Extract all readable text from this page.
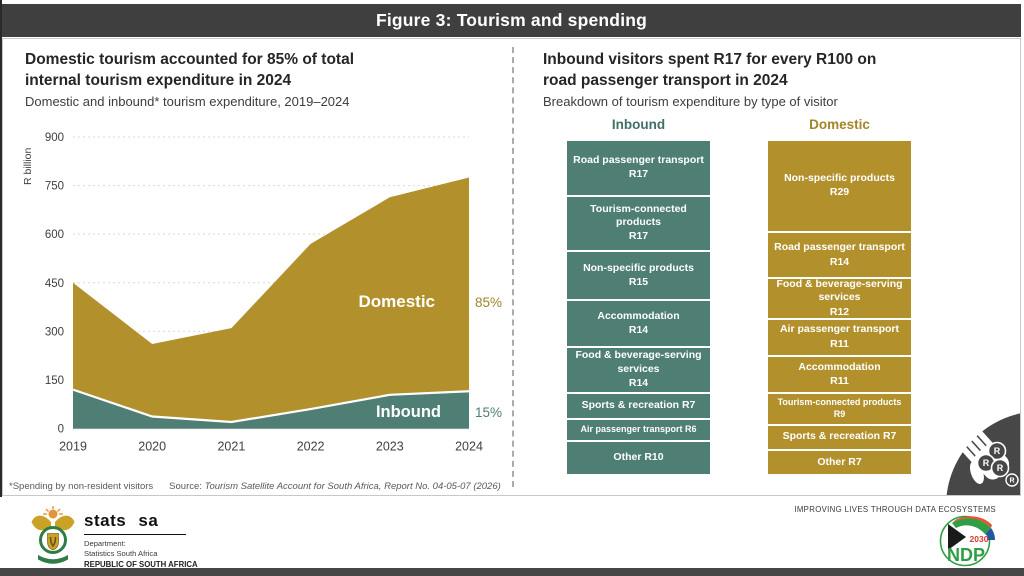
Figure 3: Tourism and spending
Domestic tourism accounted for 85% of total
internal tourism expenditure in 2024
Domestic and inbound* tourism expenditure, 2019–2024
0
150
300
450
600
750
900
R billion
2019	2020	2021	2022	2023	2024
Domestic	85%
Inbound	15%
*Spending by non-resident visitors Source: Tourism Satellite Account for South Africa, Report No. 04-05-07 (2026)
Inbound visitors spent R17 for every R100 on
road passenger transport in 2024
Breakdown of tourism expenditure by type of visitor
Inbound
Road passenger transport
R17
Tourism-connected products
R17
Non-specific products
R15
Accommodation
R14
Food & beverage-serving services
R14
Sports & recreation R7
Air passenger transport R6
Other R10
Domestic
Non-specific products
R29
Road passenger transport
R14
Food & beverage-serving services
R12
Air passenger transport
R11
Accommodation
R11
Tourism-connected products R9
Sports & recreation R7
Other R7
R
R R
R
stats sa
Department:
Statistics South Africa
REPUBLIC OF SOUTH AFRICA
IMPROVING LIVES THROUGH DATA ECOSYSTEMS
2030
NDP
